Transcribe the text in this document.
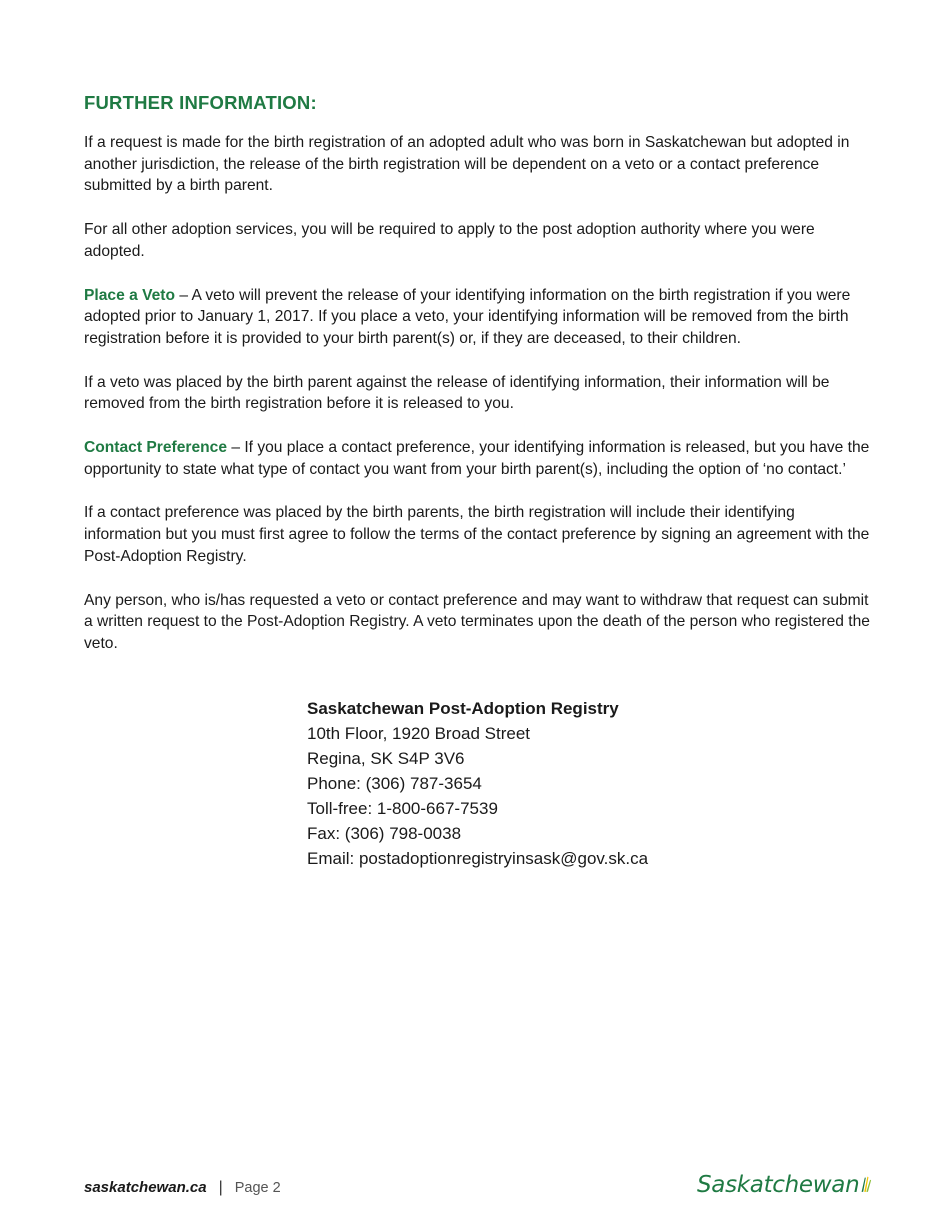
FURTHER INFORMATION:

If a request is made for the birth registration of an adopted adult who was born in Saskatchewan but adopted in another jurisdiction, the release of the birth registration will be dependent on a veto or a contact preference submitted by a birth parent.

For all other adoption services, you will be required to apply to the post adoption authority where you were adopted.

Place a Veto – A veto will prevent the release of your identifying information on the birth registration if you were adopted prior to January 1, 2017. If you place a veto, your identifying information will be removed from the birth registration before it is provided to your birth parent(s) or, if they are deceased, to their children.

If a veto was placed by the birth parent against the release of identifying information, their information will be removed from the birth registration before it is released to you.

Contact Preference – If you place a contact preference, your identifying information is released, but you have the opportunity to state what type of contact you want from your birth parent(s), including the option of ‘no contact.’

If a contact preference was placed by the birth parents, the birth registration will include their identifying information but you must first agree to follow the terms of the contact preference by signing an agreement with the Post-Adoption Registry.

Any person, who is/has requested a veto or contact preference and may want to withdraw that request can submit a written request to the Post-Adoption Registry. A veto terminates upon the death of the person who registered the veto.

Saskatchewan Post-Adoption Registry
10th Floor, 1920 Broad Street
Regina, SK S4P 3V6
Phone: (306) 787-3654
Toll-free: 1-800-667-7539
Fax: (306) 798-0038
Email: postadoptionregistryinsask@gov.sk.ca
saskatchewan.ca | Page 2	Saskatchewan
